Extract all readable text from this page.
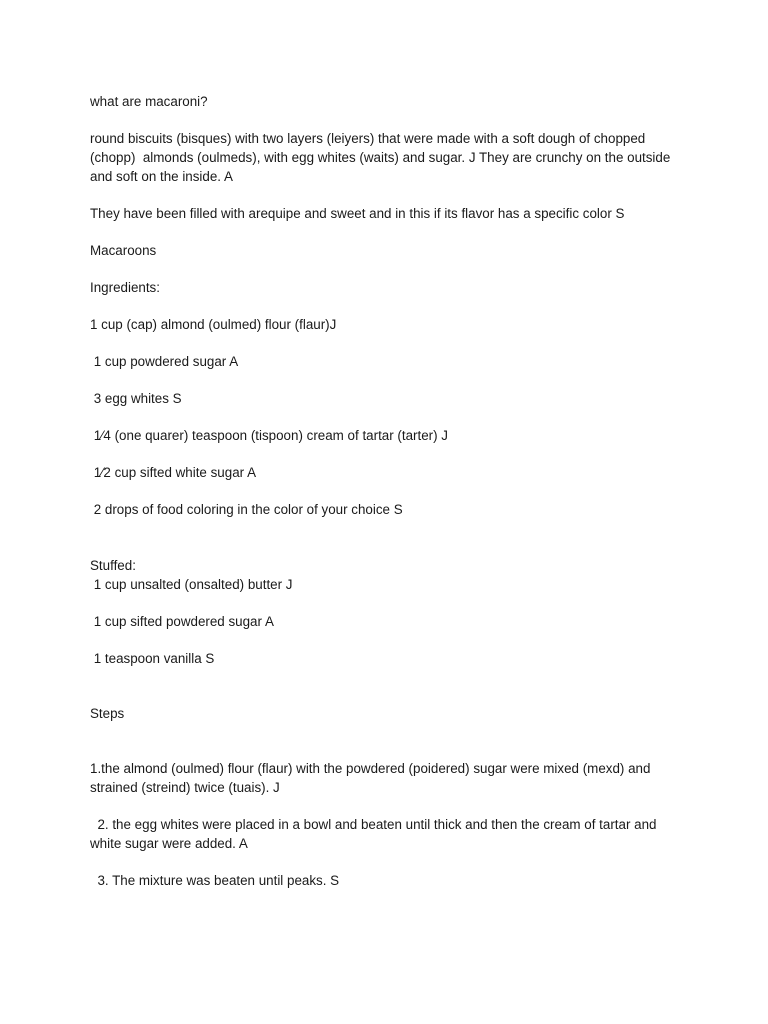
what are macaroni?

round biscuits (bisques) with two layers (leiyers) that were made with a soft dough of chopped (chopp)  almonds (oulmeds), with egg whites (waits) and sugar. J They are crunchy on the outside and soft on the inside. A

They have been filled with arequipe and sweet and in this if its flavor has a specific color S

Macaroons

Ingredients:

1 cup (cap) almond (oulmed) flour (flaur)J

1 cup powdered sugar A

3 egg whites S

1⁄4 (one quarer) teaspoon (tispoon) cream of tartar (tarter) J

1⁄2 cup sifted white sugar A

2 drops of food coloring in the color of your choice S

Stuffed:

1 cup unsalted (onsalted) butter J

1 cup sifted powdered sugar A

1 teaspoon vanilla S

Steps

1.the almond (oulmed) flour (flaur) with the powdered (poidered) sugar were mixed (mexd) and strained (streind) twice (tuais). J

2. the egg whites were placed in a bowl and beaten until thick and then the cream of tartar and white sugar were added. A

3. The mixture was beaten until peaks. S
